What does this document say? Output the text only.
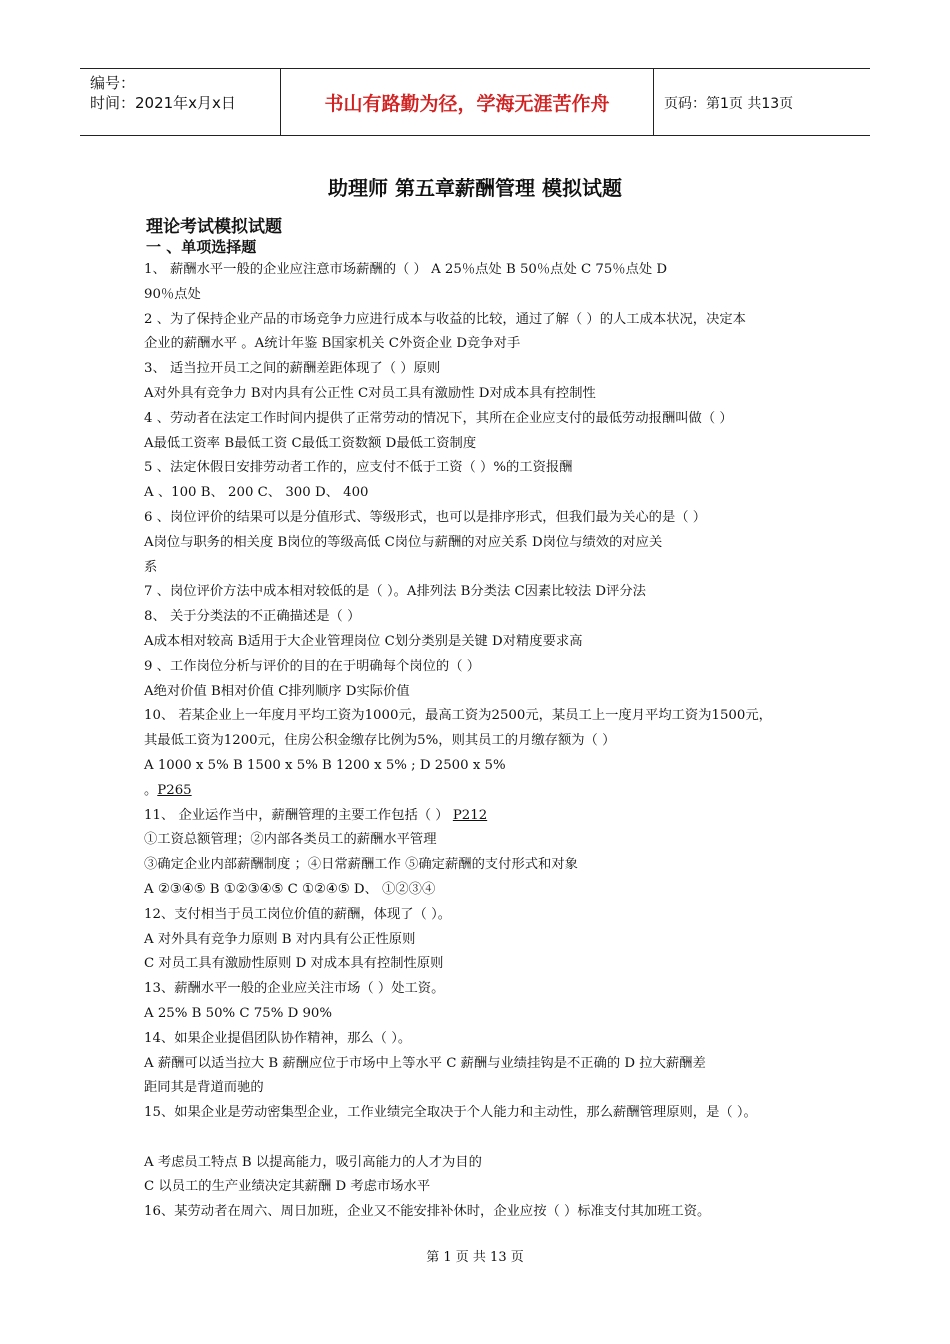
编号：
时间：2021年x月x日	书山有路勤为径，学海无涯苦作舟	页码：第1页 共13页
助理师 第五章薪酬管理 模拟试题
理论考试模拟试题
一 、单项选择题
1、 薪酬水平一般的企业应注意市场薪酬的（ ） A 25％点处 B 50％点处 C 75％点处 D
90％点处
2 、为了保持企业产品的市场竞争力应进行成本与收益的比较，通过了解（ ）的人工成本状况，决定本
企业的薪酬水平 。A统计年鉴 B国家机关 C外资企业 D竞争对手
3、 适当拉开员工之间的薪酬差距体现了（ ）原则
A对外具有竞争力 B对内具有公正性 C对员工具有激励性 D对成本具有控制性
4 、劳动者在法定工作时间内提供了正常劳动的情况下，其所在企业应支付的最低劳动报酬叫做（ ）
A最低工资率 B最低工资 C最低工资数额 D最低工资制度
5 、法定休假日安排劳动者工作的，应支付不低于工资（ ）%的工资报酬
A 、100 B、 200 C、 300 D、 400
6 、岗位评价的结果可以是分值形式、等级形式，也可以是排序形式，但我们最为关心的是（ ）
A岗位与职务的相关度 B岗位的等级高低 C岗位与薪酬的对应关系 D岗位与绩效的对应关
系
7 、岗位评价方法中成本相对较低的是（ ）。A排列法 B分类法 C因素比较法 D评分法
8、 关于分类法的不正确描述是（ ）
A成本相对较高 B适用于大企业管理岗位 C划分类别是关键 D对精度要求高
9 、工作岗位分析与评价的目的在于明确每个岗位的（ ）
A绝对价值 B相对价值 C排列顺序 D实际价值
10、 若某企业上一年度月平均工资为1000元，最高工资为2500元，某员工上一度月平均工资为1500元，
其最低工资为1200元，住房公积金缴存比例为5%，则其员工的月缴存额为（ ）
A 1000 x 5% B 1500 x 5% B 1200 x 5% ; D 2500 x 5%
。P265
11、 企业运作当中，薪酬管理的主要工作包括（ ） P212
①工资总额管理；②内部各类员工的薪酬水平管理
③确定企业内部薪酬制度 ；④日常薪酬工作 ⑤确定薪酬的支付形式和对象
A ②③④⑤ B ①②③④⑤ C ①②④⑤ D、 ①②③④
12、支付相当于员工岗位价值的薪酬，体现了（ ）。
A 对外具有竞争力原则 B 对内具有公正性原则
C 对员工具有激励性原则 D 对成本具有控制性原则
13、薪酬水平一般的企业应关注市场（ ）处工资。
A 25% B 50% C 75% D 90%
14、如果企业提倡团队协作精神，那么（ ）。
A 薪酬可以适当拉大 B 薪酬应位于市场中上等水平 C 薪酬与业绩挂钩是不正确的 D 拉大薪酬差
距同其是背道而驰的
15、如果企业是劳动密集型企业，工作业绩完全取决于个人能力和主动性，那么薪酬管理原则，是（ ）。
A 考虑员工特点 B 以提高能力，吸引高能力的人才为目的
C 以员工的生产业绩决定其薪酬 D 考虑市场水平
16、某劳动者在周六、周日加班，企业又不能安排补休时，企业应按（ ）标准支付其加班工资。
第 1 页 共 13 页
